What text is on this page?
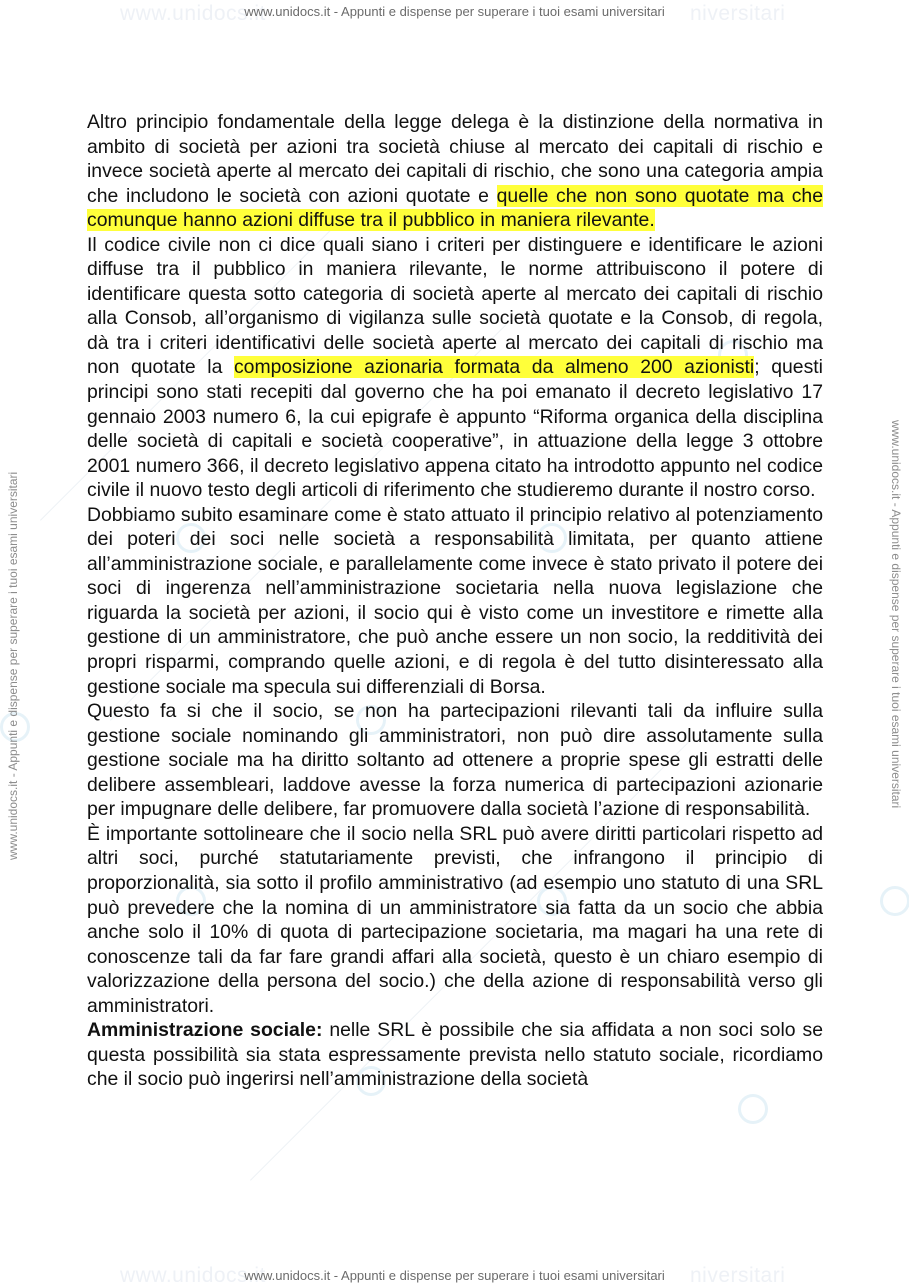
www.unidocs.it	niversitari
www.unidocs.it	niversitari
www.unidocs.it - Appunti e dispense per superare i tuoi esami universitari
www.unidocs.it - Appunti e dispense per superare i tuoi esami universitari
www.unidocs.it - Appunti e dispense per superare i tuoi esami universitari	www.unidocs.it - Appunti e dispense per superare i tuoi esami universitari

Altro principio fondamentale della legge delega è la distinzione della normativa in ambito di società per azioni tra società chiuse al mercato dei capitali di rischio e invece società aperte al mercato dei capitali di rischio, che sono una categoria ampia che includono le società con azioni quotate e quelle che non sono quotate ma che comunque hanno azioni diffuse tra il pubblico in maniera rilevante.

Il codice civile non ci dice quali siano i criteri per distinguere e identificare le azioni diffuse tra il pubblico in maniera rilevante, le norme attribuiscono il potere di identificare questa sotto categoria di società aperte al mercato dei capitali di rischio alla Consob, all’organismo di vigilanza sulle società quotate e la Consob, di regola, dà tra i criteri identificativi delle società aperte al mercato dei capitali di rischio ma non quotate la composizione azionaria formata da almeno 200 azionisti; questi principi sono stati recepiti dal governo che ha poi emanato il decreto legislativo 17 gennaio 2003 numero 6, la cui epigrafe è appunto “Riforma organica della disciplina delle società di capitali e società cooperative”, in attuazione della legge 3 ottobre 2001 numero 366, il decreto legislativo appena citato ha introdotto appunto nel codice civile il nuovo testo degli articoli di riferimento che studieremo durante il nostro corso.

Dobbiamo subito esaminare come è stato attuato il principio relativo al potenziamento dei poteri dei soci nelle società a responsabilità limitata, per quanto attiene all’amministrazione sociale, e parallelamente come invece è stato privato il potere dei soci di ingerenza nell’amministrazione societaria nella nuova legislazione che riguarda la società per azioni, il socio qui è visto come un investitore e rimette alla gestione di un amministratore, che può anche essere un non socio, la redditività dei propri risparmi, comprando quelle azioni, e di regola è del tutto disinteressato alla gestione sociale ma specula sui differenziali di Borsa.

Questo fa si che il socio, se non ha partecipazioni rilevanti tali da influire sulla gestione sociale nominando gli amministratori, non può dire assolutamente sulla gestione sociale ma ha diritto soltanto ad ottenere a proprie spese gli estratti delle delibere assembleari, laddove avesse la forza numerica di partecipazioni azionarie per impugnare delle delibere, far promuovere dalla società l’azione di responsabilità.

È importante sottolineare che il socio nella SRL può avere diritti particolari rispetto ad altri soci, purché statutariamente previsti, che infrangono il principio di proporzionalità, sia sotto il profilo amministrativo (ad esempio uno statuto di una SRL può prevedere che la nomina di un amministratore sia fatta da un socio che abbia anche solo il 10% di quota di partecipazione societaria, ma magari ha una rete di conoscenze tali da far fare grandi affari alla società, questo è un chiaro esempio di valorizzazione della persona del socio.) che della azione di responsabilità verso gli amministratori.

Amministrazione sociale: nelle SRL è possibile che sia affidata a non soci solo se questa possibilità sia stata espressamente prevista nello statuto sociale, ricordiamo che il socio può ingerirsi nell’amministrazione della società
